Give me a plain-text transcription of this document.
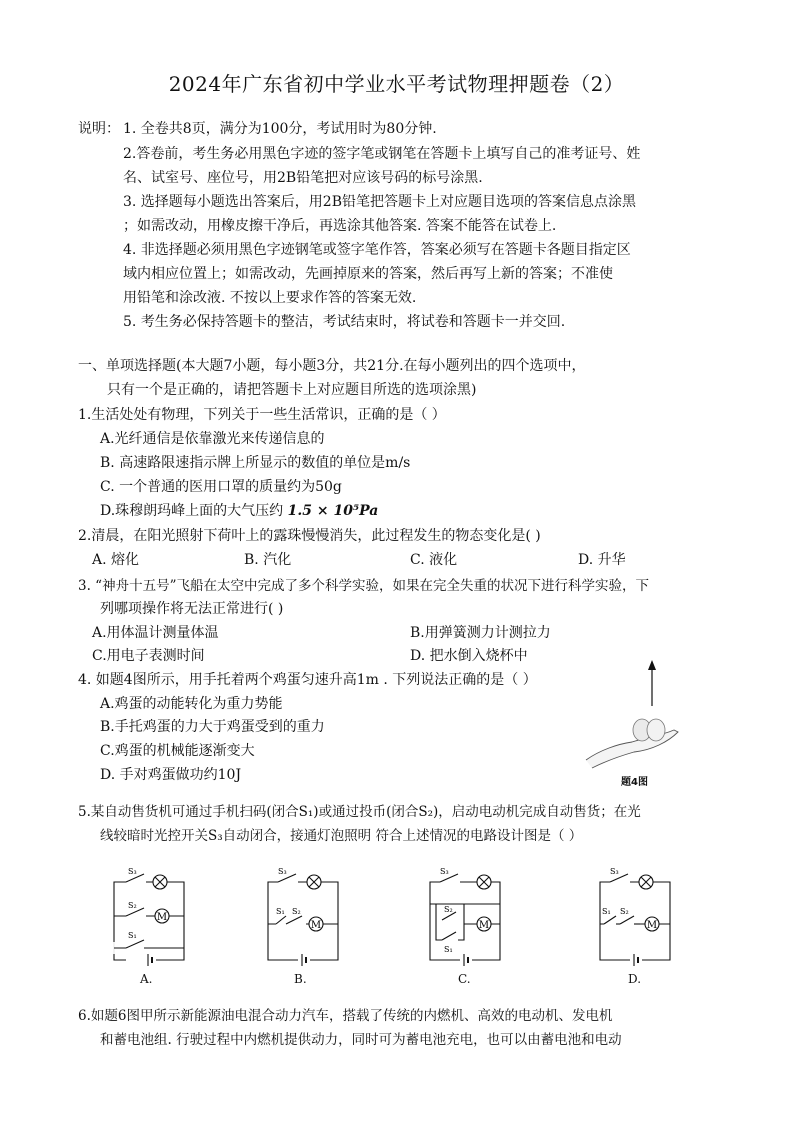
2024年广东省初中学业水平考试物理押题卷（2）
说明： 1. 全卷共8页，满分为100分，考试用时为80分钟.
2.答卷前，考生务必用黑色字迹的签字笔或钢笔在答题卡上填写自己的准考证号、姓
名、试室号、座位号，用2B铅笔把对应该号码的标号涂黑.
3. 选择题每小题选出答案后，用2B铅笔把答题卡上对应题目选项的答案信息点涂黑
；如需改动，用橡皮擦干净后，再选涂其他答案. 答案不能答在试卷上.
4. 非选择题必须用黑色字迹钢笔或签字笔作答，答案必须写在答题卡各题目指定区
域内相应位置上；如需改动，先画掉原来的答案，然后再写上新的答案；不准使
用铅笔和涂改液. 不按以上要求作答的答案无效.
5. 考生务必保持答题卡的整洁，考试结束时，将试卷和答题卡一并交回.
一、单项选择题(本大题7小题，每小题3分，共21分.在每小题列出的四个选项中，
只有一个是正确的，请把答题卡上对应题目所选的选项涂黑)
1.生活处处有物理，下列关于一些生活常识，正确的是（ ）
A.光纤通信是依靠激光来传递信息的
B. 高速路限速指示牌上所显示的数值的单位是m/s
C. 一个普通的医用口罩的质量约为50g
D.珠穆朗玛峰上面的大气压约 1.5 × 10⁵Pa
2.清晨，在阳光照射下荷叶上的露珠慢慢消失，此过程发生的物态变化是( )
A. 熔化	B. 汽化	C. 液化	D. 升华
3. “神舟十五号”飞船在太空中完成了多个科学实验，如果在完全失重的状况下进行科学实验，下
列哪项操作将无法正常进行( )
A.用体温计测量体温	B.用弹簧测力计测拉力
C.用电子表测时间	D. 把水倒入烧杯中
4. 如题4图所示，用手托着两个鸡蛋匀速升高1m . 下列说法正确的是（ ）
A.鸡蛋的动能转化为重力势能
B.手托鸡蛋的力大于鸡蛋受到的重力
C.鸡蛋的机械能逐渐变大
D. 手对鸡蛋做功约10J	题4图
5.某自动售货机可通过手机扫码(闭合S₁)或通过投币(闭合S₂)，启动电动机完成自动售货；在光
线较暗时光控开关S₃自动闭合，接通灯泡照明 符合上述情况的电路设计图是（ ）
M
S₃
S₂
S₁
A.
M
S₃
S₁ S₂
B.
M
S₃
S₂
S₁
C.
M
S₃
S₁ S₂
D.
6.如题6图甲所示新能源油电混合动力汽车，搭载了传统的内燃机、高效的电动机、发电机
和蓄电池组. 行驶过程中内燃机提供动力，同时可为蓄电池充电，也可以由蓄电池和电动
